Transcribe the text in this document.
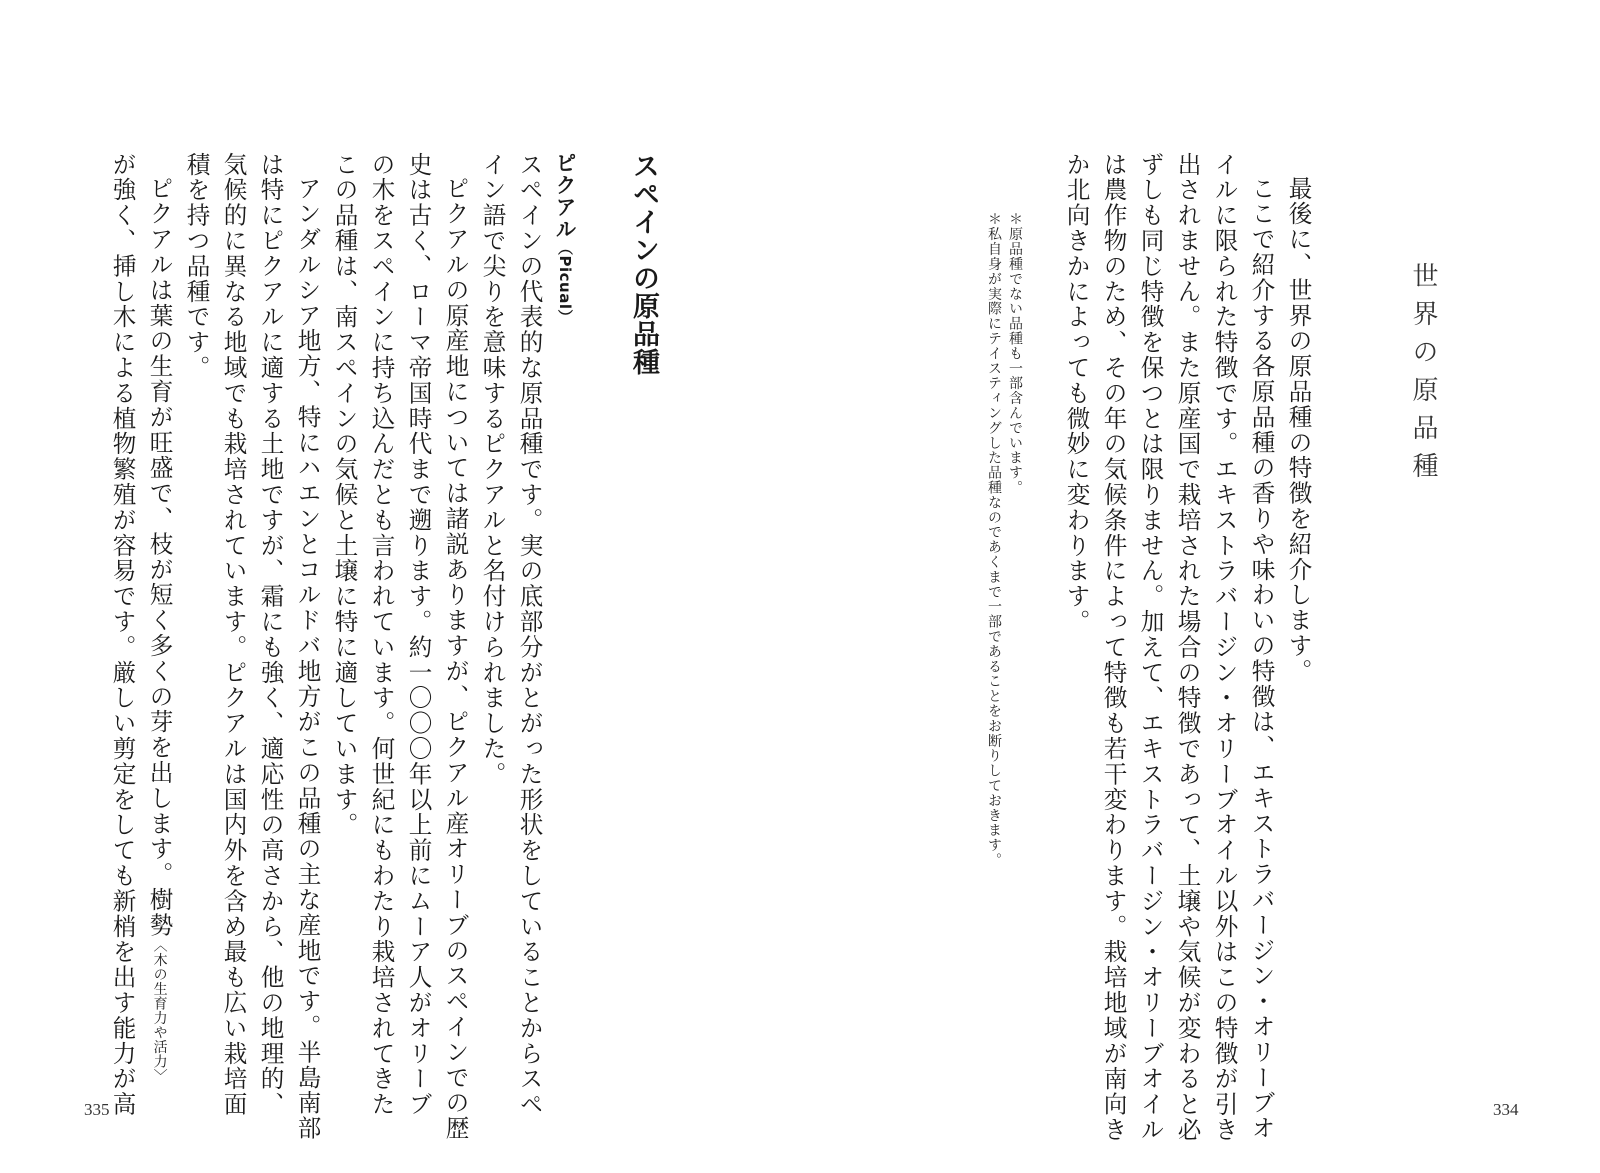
世界の原品種

最後に、世界の原品種の特徴を紹介します。

ここで紹介する各原品種の香りや味わいの特徴は、エキストラバージン・オリーブオ

イルに限られた特徴です。エキストラバージン・オリーブオイル以外はこの特徴が引き

出されません。また原産国で栽培された場合の特徴であって、土壌や気候が変わると必

ずしも同じ特徴を保つとは限りません。加えて、エキストラバージン・オリーブオイル

は農作物のため、その年の気候条件によって特徴も若干変わります。栽培地域が南向き

か北向きかによっても微妙に変わります。

＊原品種でない品種も一部含んでいます。

＊私自身が実際にテイスティングした品種なのであくまで一部であることをお断りしておきます。

334

スペインの原品種

ピクアル（Picual）

スペインの代表的な原品種です。実の底部分がとがった形状をしていることからスペ

イン語で尖りを意味するピクアルと名付けられました。

ピクアルの原産地については諸説ありますが、ピクアル産オリーブのスペインでの歴

史は古く、ローマ帝国時代まで遡ります。約一〇〇〇年以上前にムーア人がオリーブ

の木をスペインに持ち込んだとも言われています。何世紀にもわたり栽培されてきた

この品種は、南スペインの気候と土壌に特に適しています。

アンダルシア地方、特にハエンとコルドバ地方がこの品種の主な産地です。半島南部

は特にピクアルに適する土地ですが、霜にも強く、適応性の高さから、他の地理的、

気候的に異なる地域でも栽培されています。ピクアルは国内外を含め最も広い栽培面

積を持つ品種です。

ピクアルは葉の生育が旺盛で、枝が短く多くの芽を出します。樹勢〈木の生育力や活力〉

が強く、挿し木による植物繁殖が容易です。厳しい剪定をしても新梢を出す能力が高

335
